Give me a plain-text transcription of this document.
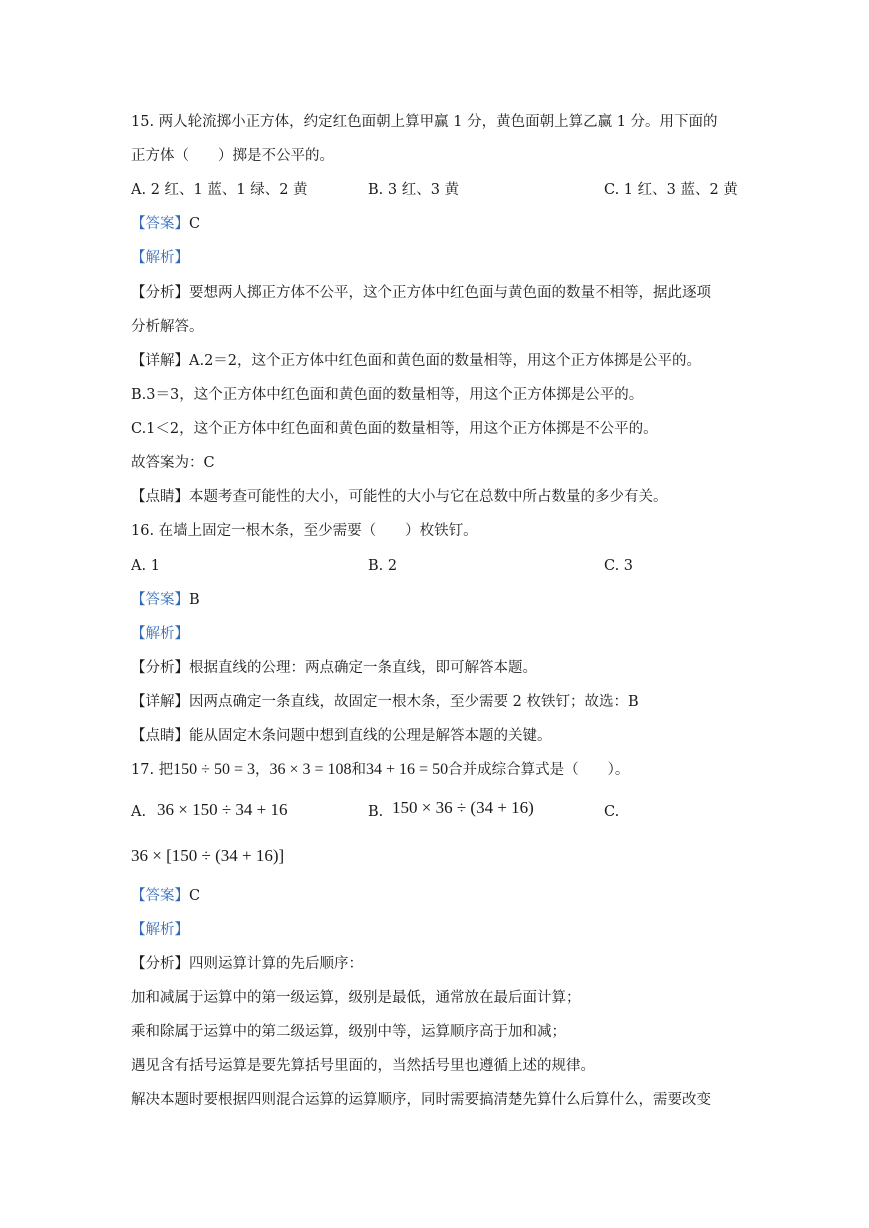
15. 两人轮流掷小正方体，约定红色面朝上算甲赢 1 分，黄色面朝上算乙赢 1 分。用下面的
正方体（　　）掷是不公平的。
A. 2 红、1 蓝、1 绿、2 黄	B. 3 红、3 黄	C. 1 红、3 蓝、2 黄
【答案】C
【解析】
【分析】要想两人掷正方体不公平，这个正方体中红色面与黄色面的数量不相等，据此逐项
分析解答。
【详解】A.2＝2，这个正方体中红色面和黄色面的数量相等，用这个正方体掷是公平的。
B.3＝3，这个正方体中红色面和黄色面的数量相等，用这个正方体掷是公平的。
C.1＜2，这个正方体中红色面和黄色面的数量相等，用这个正方体掷是不公平的。
故答案为：C
【点睛】本题考查可能性的大小，可能性的大小与它在总数中所占数量的多少有关。
16. 在墙上固定一根木条，至少需要（　　）枚铁钉。
A. 1	B. 2	C. 3
【答案】B
【解析】
【分析】根据直线的公理：两点确定一条直线，即可解答本题。
【详解】因两点确定一条直线，故固定一根木条，至少需要 2 枚铁钉；故选：B
【点睛】能从固定木条问题中想到直线的公理是解答本题的关键。
17. 把150 ÷ 50 = 3，36 × 3 = 108和34 + 16 = 50合并成综合算式是（　　）。
A. 36 × 150 ÷ 34 + 16	B. 150 × 36 ÷ (34 + 16)	C.
36 × [150 ÷ (34 + 16)]
【答案】C
【解析】
【分析】四则运算计算的先后顺序：
加和减属于运算中的第一级运算，级别是最低，通常放在最后面计算；
乘和除属于运算中的第二级运算，级别中等，运算顺序高于加和减；
遇见含有括号运算是要先算括号里面的，当然括号里也遵循上述的规律。
解决本题时要根据四则混合运算的运算顺序，同时需要搞清楚先算什么后算什么，需要改变
